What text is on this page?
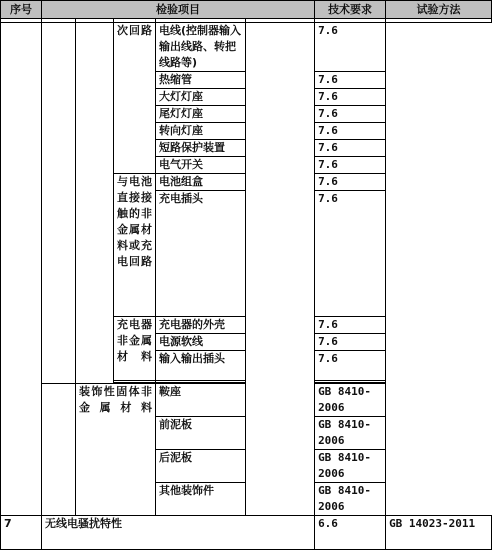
序号	检验项目					技术要求	试验方法

			次回路	电线(控制器输入输出线路、转把线路等)		7.6	
				热缩管		7.6	
				大灯灯座		7.6	
				尾灯灯座		7.6	
				转向灯座		7.6	
				短路保护装置		7.6	
				电气开关		7.6	
			与电池直接接触的非金属材料或充电回路	电池组盒		7.6	
				充电插头		7.6	
			充电器非金属材料	充电器的外壳		7.6	
				电源软线		7.6	
				输入输出插头		7.6	

		装饰性固体非金属材料		鞍座		GB 8410-2006	
				前泥板		GB 8410-2006	
				后泥板		GB 8410-2006	
				其他装饰件		GB 8410-2006	
7	无线电骚扰特性					6.6	GB 14023-2011
